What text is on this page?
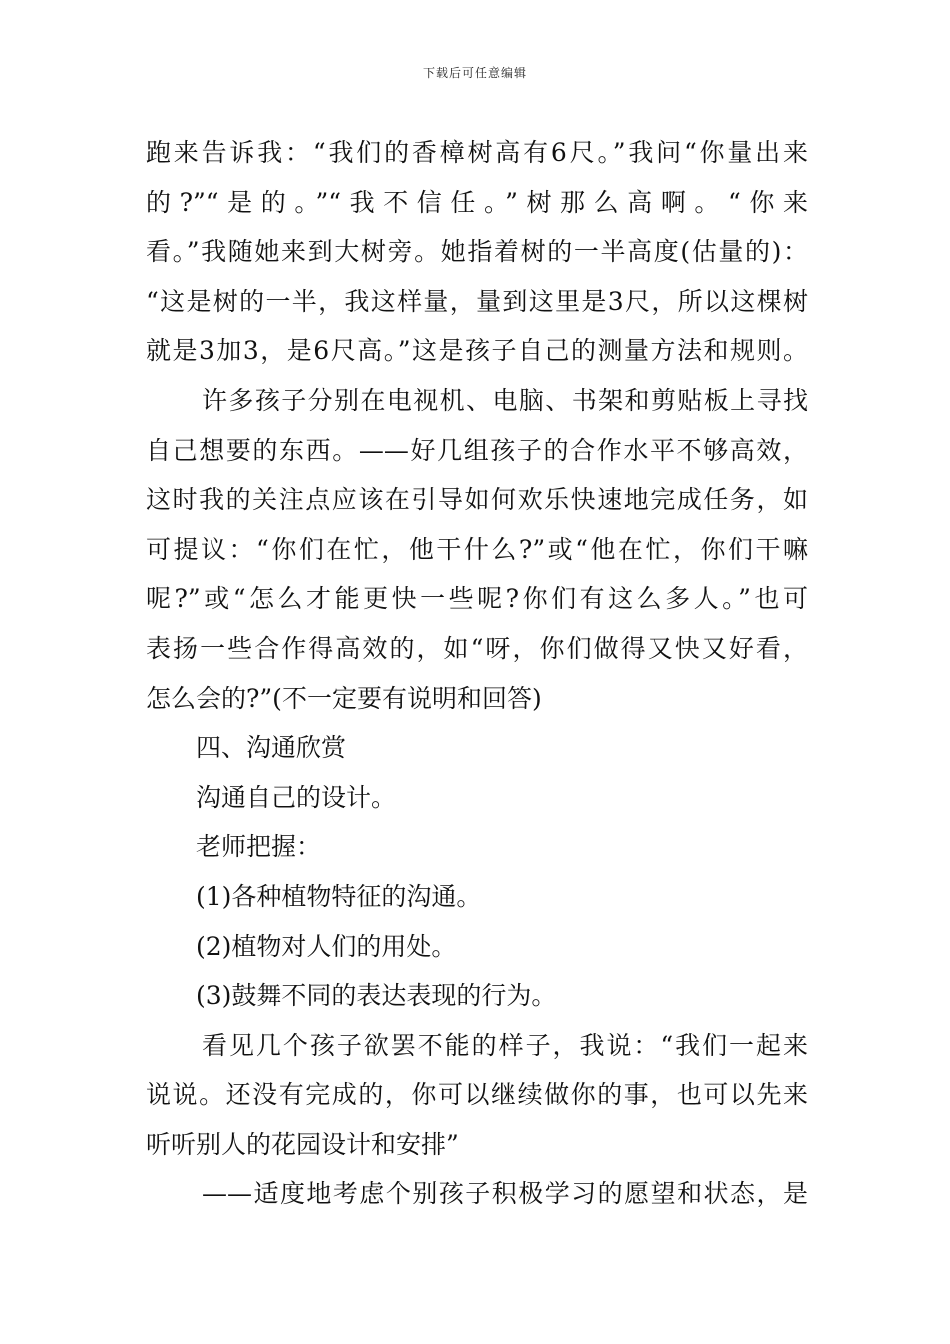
下载后可任意编辑
跑来告诉我：“我们的香樟树高有6尺。”我问“你量出来
的?”“是的。”“我不信任。”树那么高啊。“你来
看。”我随她来到大树旁。她指着树的一半高度(估量的)：
“这是树的一半，我这样量，量到这里是3尺，所以这棵树
就是3加3，是6尺高。”这是孩子自己的测量方法和规则。
许多孩子分别在电视机、电脑、书架和剪贴板上寻找
自己想要的东西。——好几组孩子的合作水平不够高效，
这时我的关注点应该在引导如何欢乐快速地完成任务，如
可提议：“你们在忙，他干什么?”或“他在忙，你们干嘛
呢?”或“怎么才能更快一些呢?你们有这么多人。”也可
表扬一些合作得高效的，如“呀，你们做得又快又好看，
怎么会的?”(不一定要有说明和回答)
四、沟通欣赏
沟通自己的设计。
老师把握：
(1)各种植物特征的沟通。
(2)植物对人们的用处。
(3)鼓舞不同的表达表现的行为。
看见几个孩子欲罢不能的样子，我说：“我们一起来
说说。还没有完成的，你可以继续做你的事，也可以先来
听听别人的花园设计和安排”
——适度地考虑个别孩子积极学习的愿望和状态，是
